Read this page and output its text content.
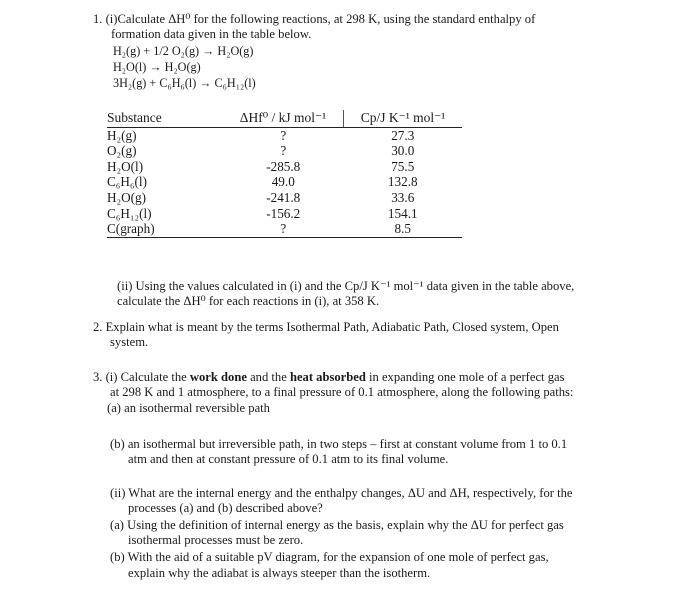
1. (i)Calculate ΔH⁰ for the following reactions, at 298 K, using the standard enthalpy of
formation data given in the table below.
H₂(g) + 1/2 O₂(g) → H₂O(g)
H₂O(l) → H₂O(g)
3H₂(g) + C₆H₆(l) → C₆H₁₂(l)
Substance	ΔHf⁰ / kJ mol⁻¹	Cp/J K⁻¹ mol⁻¹
H₂(g)	?	27.3
O₂(g)	?	30.0
H₂O(l)	-285.8	75.5
C₆H₆(l)	49.0	132.8
H₂O(g)	-241.8	33.6
C₆H₁₂(l)	-156.2	154.1
C(graph)	?	8.5
(ii) Using the values calculated in (i) and the Cp/J K⁻¹ mol⁻¹ data given in the table above,
calculate the ΔH⁰ for each reactions in (i), at 358 K.
2. Explain what is meant by the terms Isothermal Path, Adiabatic Path, Closed system, Open
system.
3. (i) Calculate the work done and the heat absorbed in expanding one mole of a perfect gas
at 298 K and 1 atmosphere, to a final pressure of 0.1 atmosphere, along the following paths:
(a) an isothermal reversible path
(b) an isothermal but irreversible path, in two steps – first at constant volume from 1 to 0.1
atm and then at constant pressure of 0.1 atm to its final volume.
(ii) What are the internal energy and the enthalpy changes, ΔU and ΔH, respectively, for the
processes (a) and (b) described above?
(a) Using the definition of internal energy as the basis, explain why the ΔU for perfect gas
isothermal processes must be zero.
(b) With the aid of a suitable pV diagram, for the expansion of one mole of perfect gas,
explain why the adiabat is always steeper than the isotherm.
